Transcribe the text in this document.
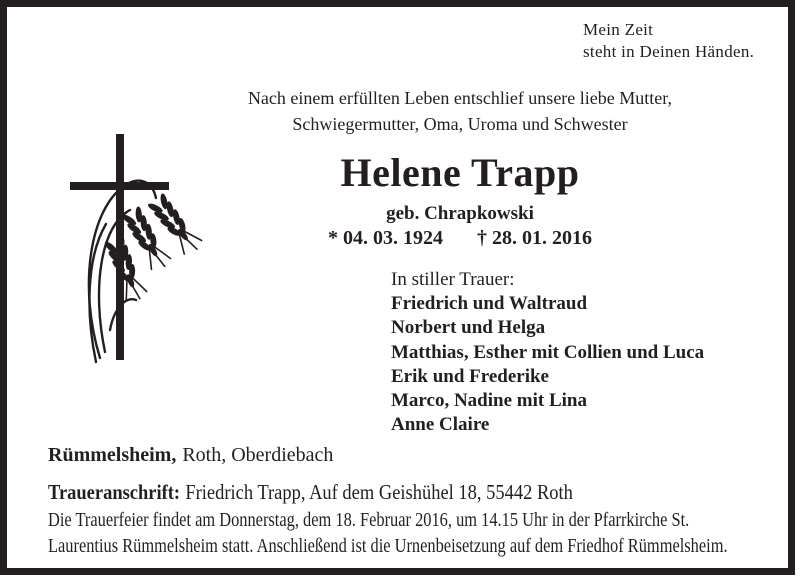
Mein Zeit
steht in Deinen Händen.
Nach einem erfüllten Leben entschlief unsere liebe Mutter,
Schwiegermutter, Oma, Uroma und Schwester
Helene Trapp
geb. Chrapkowski
* 04. 03. 1924 † 28. 01. 2016
In stiller Trauer:
Friedrich und Waltraud
Norbert und Helga
Matthias, Esther mit Collien und Luca
Erik und Frederike
Marco, Nadine mit Lina
Anne Claire
Rümmelsheim, Roth, Oberdiebach
Traueranschrift: Friedrich Trapp, Auf dem Geishühel 18, 55442 Roth
Die Trauerfeier findet am Donnerstag, dem 18. Februar 2016, um 14.15 Uhr in der Pfarrkirche St.
Laurentius Rümmelsheim statt. Anschließend ist die Urnenbeisetzung auf dem Friedhof Rümmelsheim.
